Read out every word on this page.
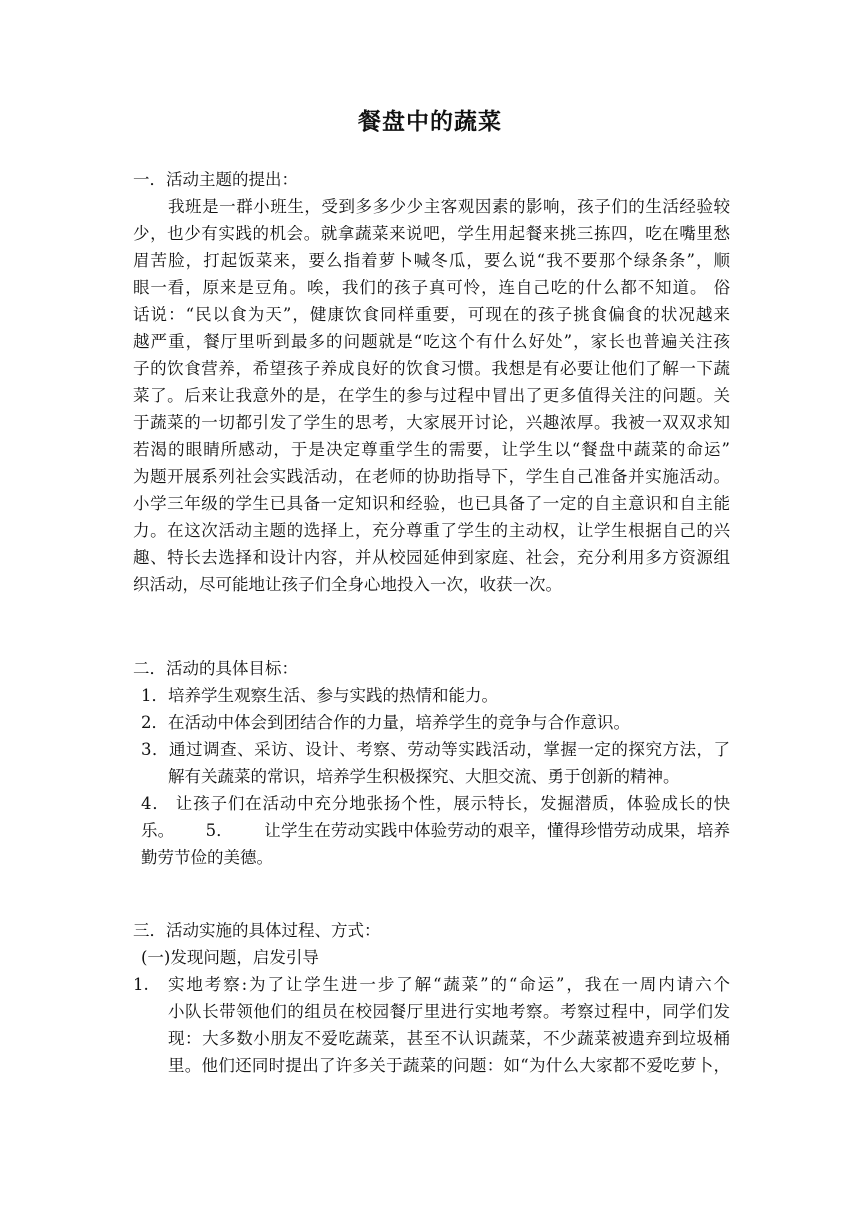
餐盘中的蔬菜
一．活动主题的提出：
我班是一群小班生，受到多多少少主客观因素的影响，孩子们的生活经验较
少，也少有实践的机会。就拿蔬菜来说吧，学生用起餐来挑三拣四，吃在嘴里愁
眉苦脸，打起饭菜来，要么指着萝卜喊冬瓜，要么说“我不要那个绿条条”，顺
眼一看，原来是豆角。唉，我们的孩子真可怜，连自己吃的什么都不知道。 俗
话说：“民以食为天”，健康饮食同样重要，可现在的孩子挑食偏食的状况越来
越严重，餐厅里听到最多的问题就是“吃这个有什么好处”，家长也普遍关注孩
子的饮食营养，希望孩子养成良好的饮食习惯。我想是有必要让他们了解一下蔬
菜了。后来让我意外的是，在学生的参与过程中冒出了更多值得关注的问题。关
于蔬菜的一切都引发了学生的思考，大家展开讨论，兴趣浓厚。我被一双双求知
若渴的眼睛所感动，于是决定尊重学生的需要，让学生以“餐盘中蔬菜的命运”
为题开展系列社会实践活动，在老师的协助指导下，学生自己准备并实施活动。
小学三年级的学生已具备一定知识和经验，也已具备了一定的自主意识和自主能
力。在这次活动主题的选择上，充分尊重了学生的主动权，让学生根据自己的兴
趣、特长去选择和设计内容，并从校园延伸到家庭、社会，充分利用多方资源组
织活动，尽可能地让孩子们全身心地投入一次，收获一次。
二．活动的具体目标：
1．培养学生观察生活、参与实践的热情和能力。
2．在活动中体会到团结合作的力量，培养学生的竞争与合作意识。
3．通过调查、采访、设计、考察、劳动等实践活动，掌握一定的探究方法，了
解有关蔬菜的常识，培养学生积极探究、大胆交流、勇于创新的精神。
4． 让孩子们在活动中充分地张扬个性，展示特长，发掘潜质，体验成长的快
乐。 5． 让学生在劳动实践中体验劳动的艰辛，懂得珍惜劳动成果，培养
勤劳节俭的美德。
三．活动实施的具体过程、方式：
(一)发现问题，启发引导
1. 实地考察:为了让学生进一步了解“蔬菜”的“命运”，我在一周内请六个
小队长带领他们的组员在校园餐厅里进行实地考察。考察过程中，同学们发
现：大多数小朋友不爱吃蔬菜，甚至不认识蔬菜，不少蔬菜被遗弃到垃圾桶
里。他们还同时提出了许多关于蔬菜的问题：如“为什么大家都不爱吃萝卜，
